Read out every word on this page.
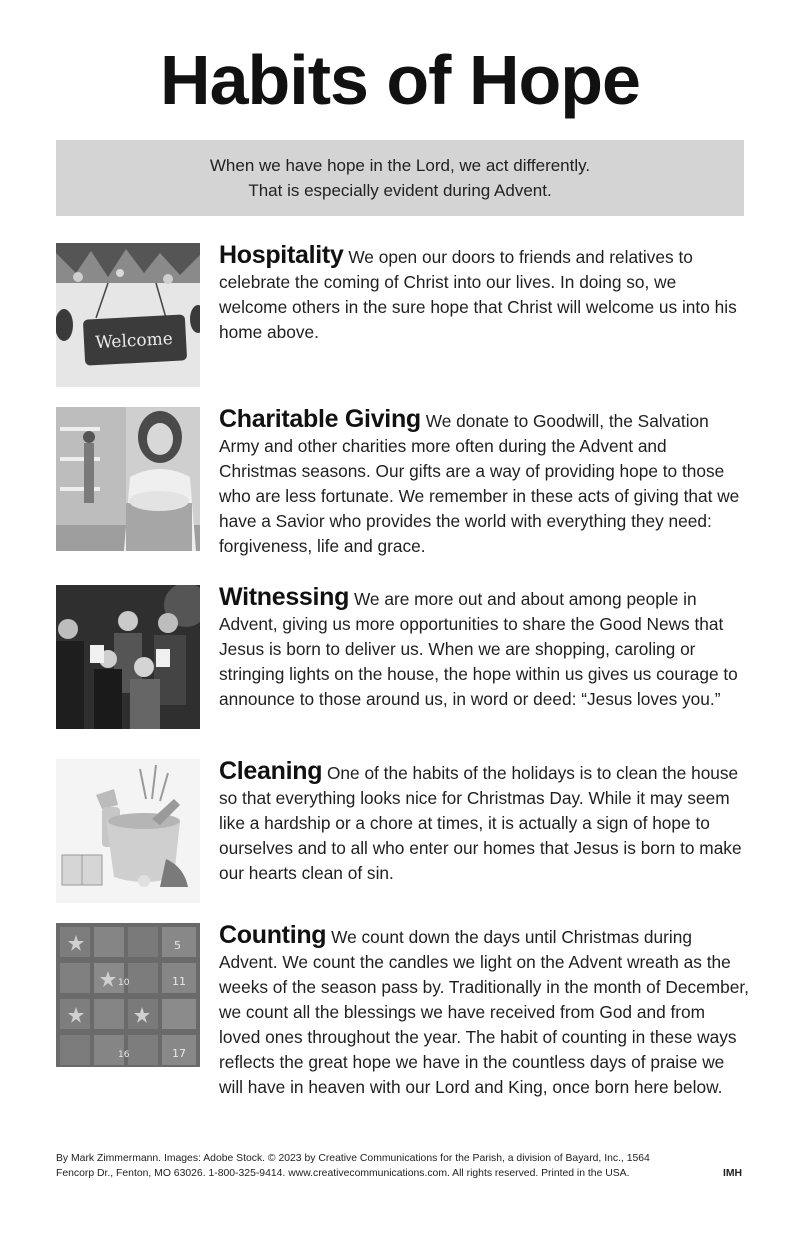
Habits of Hope
When we have hope in the Lord, we act differently.
That is especially evident during Advent.
Welcome
Hospitality We open our doors to friends and relatives to celebrate the coming of Christ into our lives. In doing so, we welcome others in the sure hope that Christ will welcome us into his home above.
Charitable Giving We donate to Goodwill, the Salvation Army and other charities more often during the Advent and Christmas seasons. Our gifts are a way of providing hope to those who are less fortunate. We remember in these acts of giving that we have a Savior who provides the world with everything they need: forgiveness, life and grace.
Witnessing We are more out and about among people in Advent, giving us more opportunities to share the Good News that Jesus is born to deliver us. When we are shopping, caroling or stringing lights on the house, the hope within us gives us courage to announce to those around us, in word or deed: “Jesus loves you.”
Cleaning One of the habits of the holidays is to clean the house so that everything looks nice for Christmas Day. While it may seem like a hardship or a chore at times, it is actually a sign of hope to ourselves and to all who enter our homes that Jesus is born to make our hearts clean of sin.
5
11
10
17
16
Counting We count down the days until Christmas during Advent. We count the candles we light on the Advent wreath as the weeks of the season pass by. Traditionally in the month of December, we count all the blessings we have received from God and from loved ones throughout the year. The habit of counting in these ways reflects the great hope we have in the countless days of praise we will have in heaven with our Lord and King, once born here below.
By Mark Zimmermann. Images: Adobe Stock. © 2023 by Creative Communications for the Parish, a division of Bayard, Inc., 1564
Fencorp Dr., Fenton, MO 63026. 1-800-325-9414. www.creativecommunications.com. All rights reserved. Printed in the USA.	IMH
